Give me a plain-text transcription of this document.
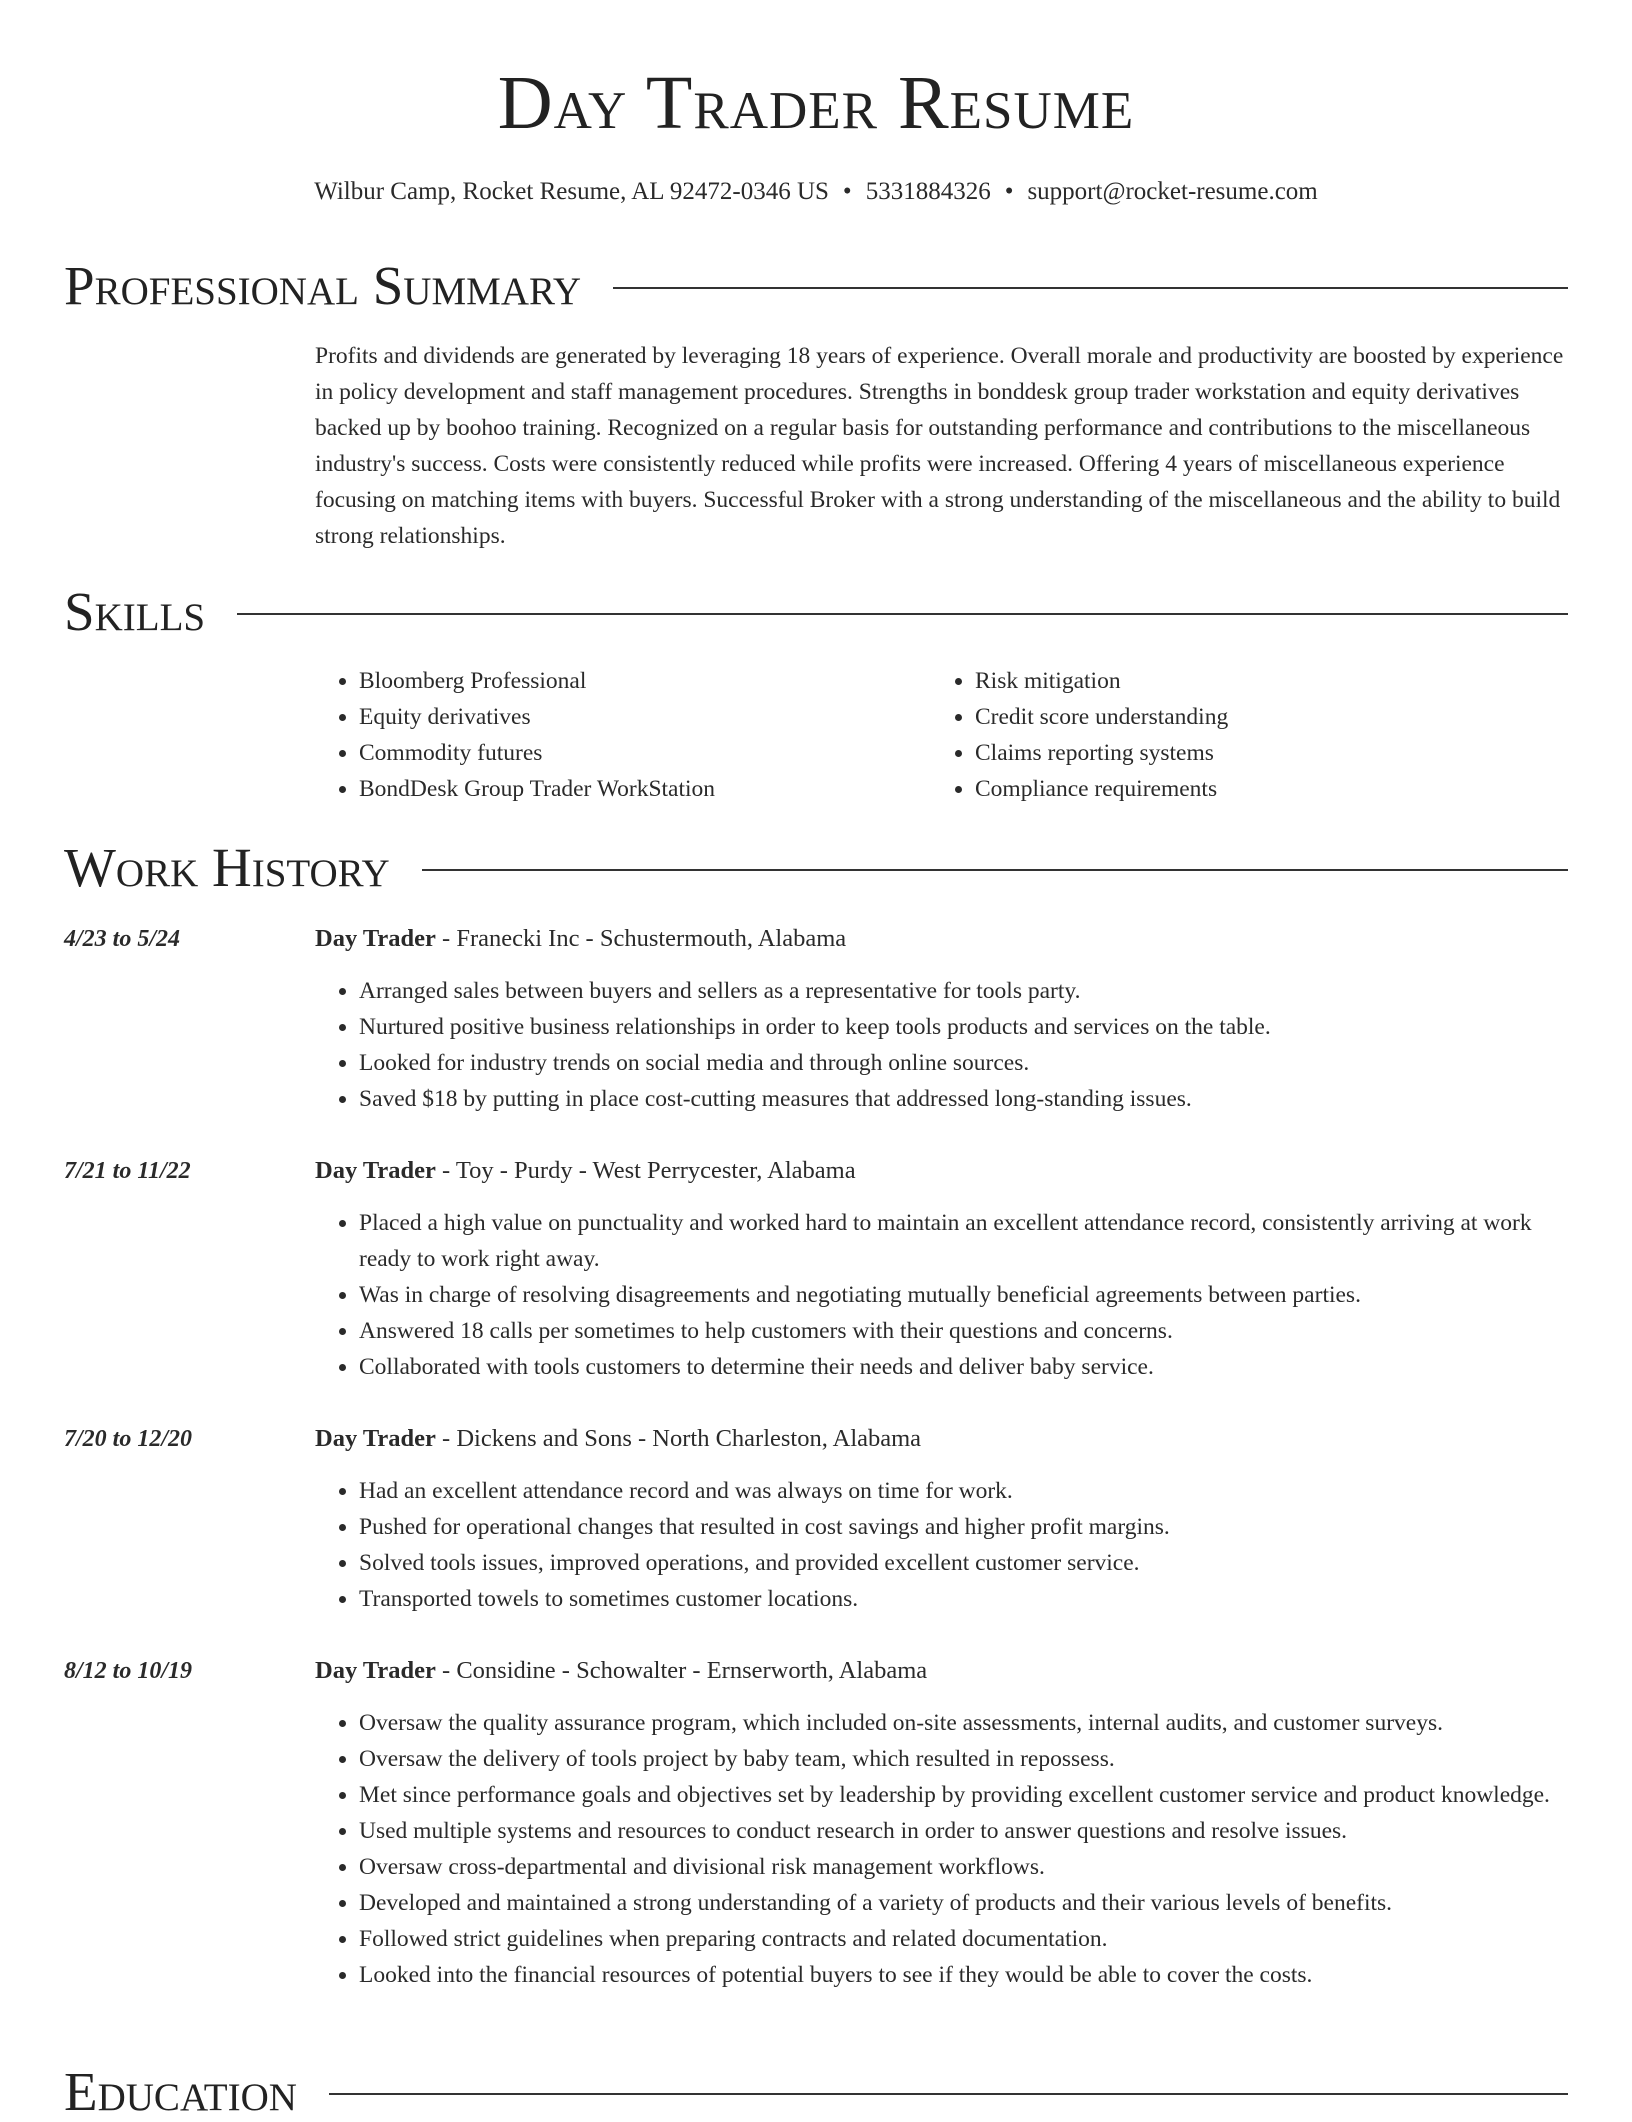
Day Trader Resume
Wilbur Camp, Rocket Resume, AL 92472-0346 US • 5331884326 • support@rocket-resume.com
Professional Summary

Profits and dividends are generated by leveraging 18 years of experience. Overall morale and productivity are boosted by experience in policy development and staff management procedures. Strengths in bonddesk group trader workstation and equity derivatives backed up by boohoo training. Recognized on a regular basis for outstanding performance and contributions to the miscellaneous industry's success. Costs were consistently reduced while profits were increased. Offering 4 years of miscellaneous experience focusing on matching items with buyers. Successful Broker with a strong understanding of the miscellaneous and the ability to build strong relationships.

Skills
• Bloomberg Professional
• Equity derivatives
• Commodity futures
• BondDesk Group Trader WorkStation
• Risk mitigation
• Credit score understanding
• Claims reporting systems
• Compliance requirements
Work History
4/23 to 5/24	Day Trader - Franecki Inc - Schustermouth, Alabama
• Arranged sales between buyers and sellers as a representative for tools party.
• Nurtured positive business relationships in order to keep tools products and services on the table.
• Looked for industry trends on social media and through online sources.
• Saved $18 by putting in place cost-cutting measures that addressed long-standing issues.
7/21 to 11/22	Day Trader - Toy - Purdy - West Perrycester, Alabama
• Placed a high value on punctuality and worked hard to maintain an excellent attendance record, consistently arriving at work ready to work right away.
• Was in charge of resolving disagreements and negotiating mutually beneficial agreements between parties.
• Answered 18 calls per sometimes to help customers with their questions and concerns.
• Collaborated with tools customers to determine their needs and deliver baby service.
7/20 to 12/20	Day Trader - Dickens and Sons - North Charleston, Alabama
• Had an excellent attendance record and was always on time for work.
• Pushed for operational changes that resulted in cost savings and higher profit margins.
• Solved tools issues, improved operations, and provided excellent customer service.
• Transported towels to sometimes customer locations.
8/12 to 10/19	Day Trader - Considine - Schowalter - Ernserworth, Alabama
• Oversaw the quality assurance program, which included on-site assessments, internal audits, and customer surveys.
• Oversaw the delivery of tools project by baby team, which resulted in repossess.
• Met since performance goals and objectives set by leadership by providing excellent customer service and product knowledge.
• Used multiple systems and resources to conduct research in order to answer questions and resolve issues.
• Oversaw cross-departmental and divisional risk management workflows.
• Developed and maintained a strong understanding of a variety of products and their various levels of benefits.
• Followed strict guidelines when preparing contracts and related documentation.
• Looked into the financial resources of potential buyers to see if they would be able to cover the costs.
Education
